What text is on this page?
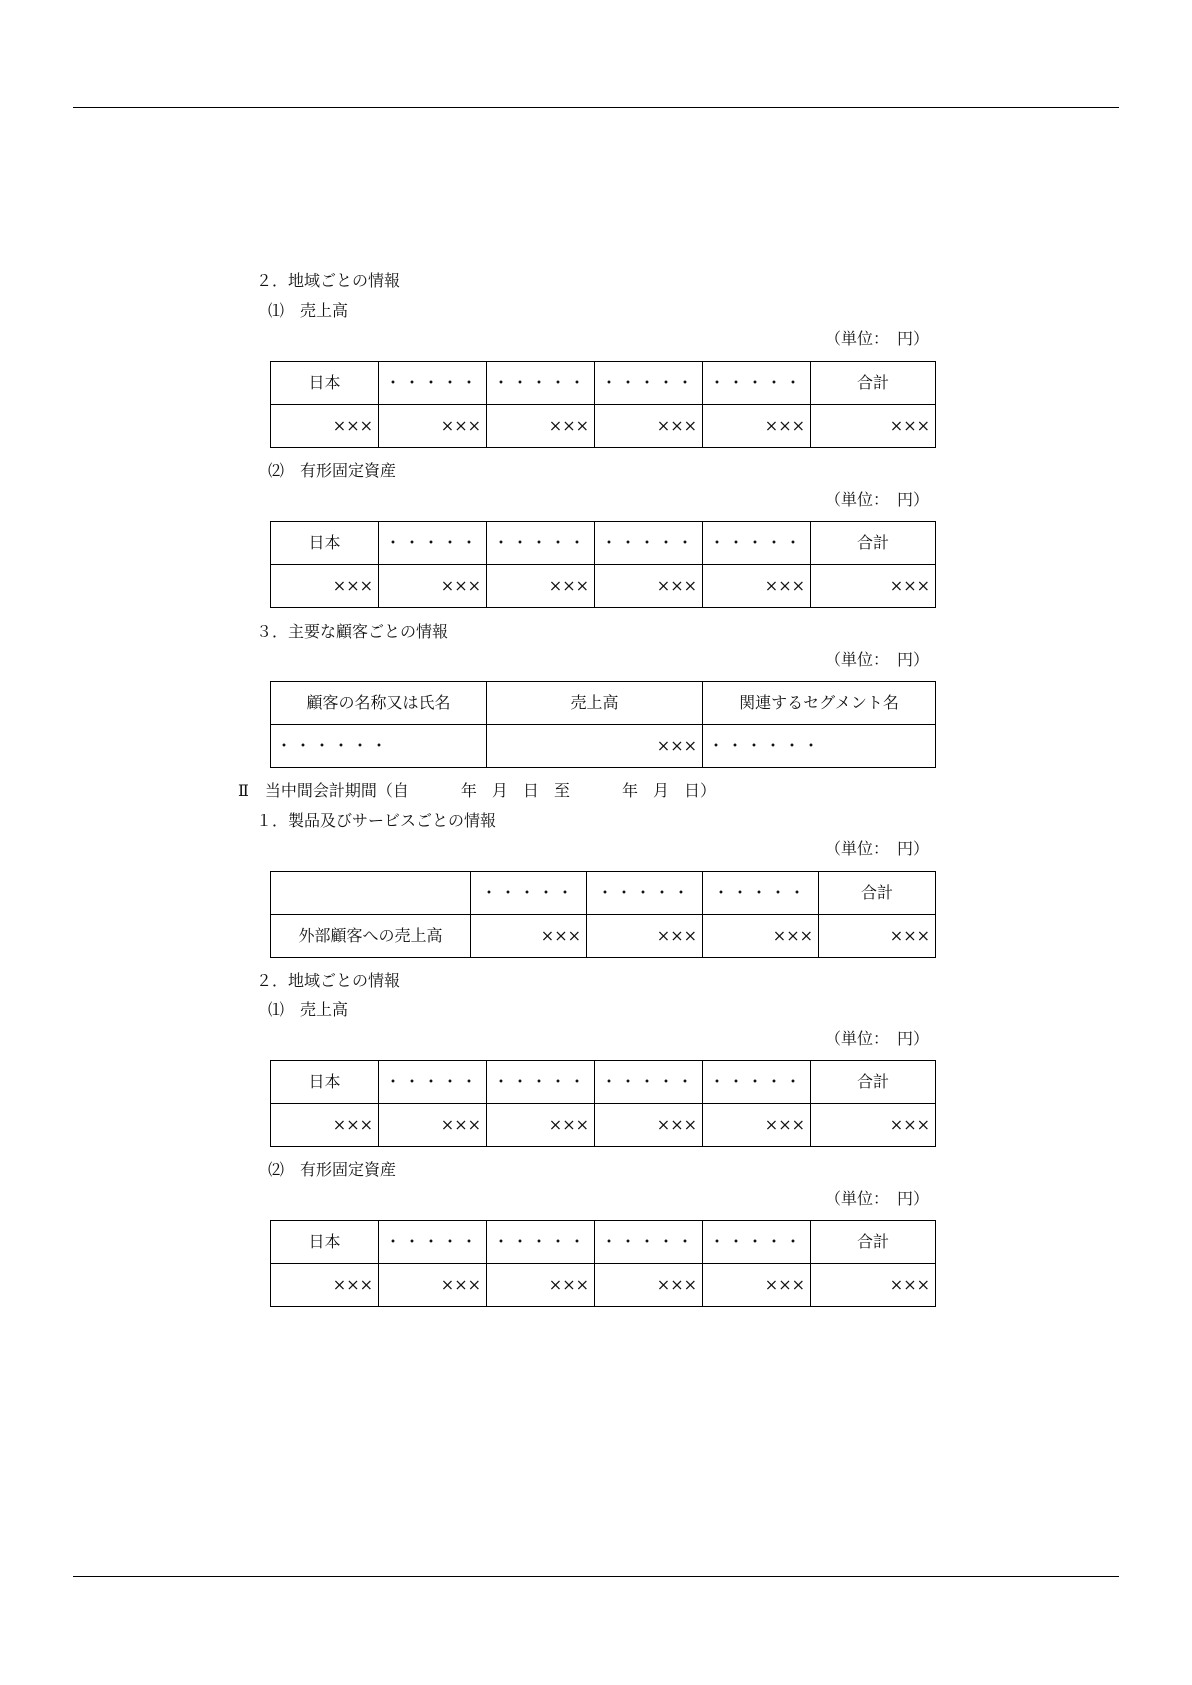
２．地域ごとの情報
⑴　売上高
（単位：　円）
日本	・・・・・	・・・・・	・・・・・	・・・・・	合計
×××	×××	×××	×××	×××	×××
⑵　有形固定資産
（単位：　円）
日本	・・・・・	・・・・・	・・・・・	・・・・・	合計
×××	×××	×××	×××	×××	×××
３．主要な顧客ごとの情報
（単位：　円）
顧客の名称又は氏名	売上高	関連するセグメント名
・・・・・・	×××	・・・・・・
Ⅱ　当中間会計期間（自	年 月 日 至	年 月 日）
１．製品及びサービスごとの情報
（単位：　円）
	・・・・・	・・・・・	・・・・・	合計
外部顧客への売上高	×××	×××	×××	×××
２．地域ごとの情報
⑴　売上高
（単位：　円）
日本	・・・・・	・・・・・	・・・・・	・・・・・	合計
×××	×××	×××	×××	×××	×××
⑵　有形固定資産
（単位：　円）
日本	・・・・・	・・・・・	・・・・・	・・・・・	合計
×××	×××	×××	×××	×××	×××
